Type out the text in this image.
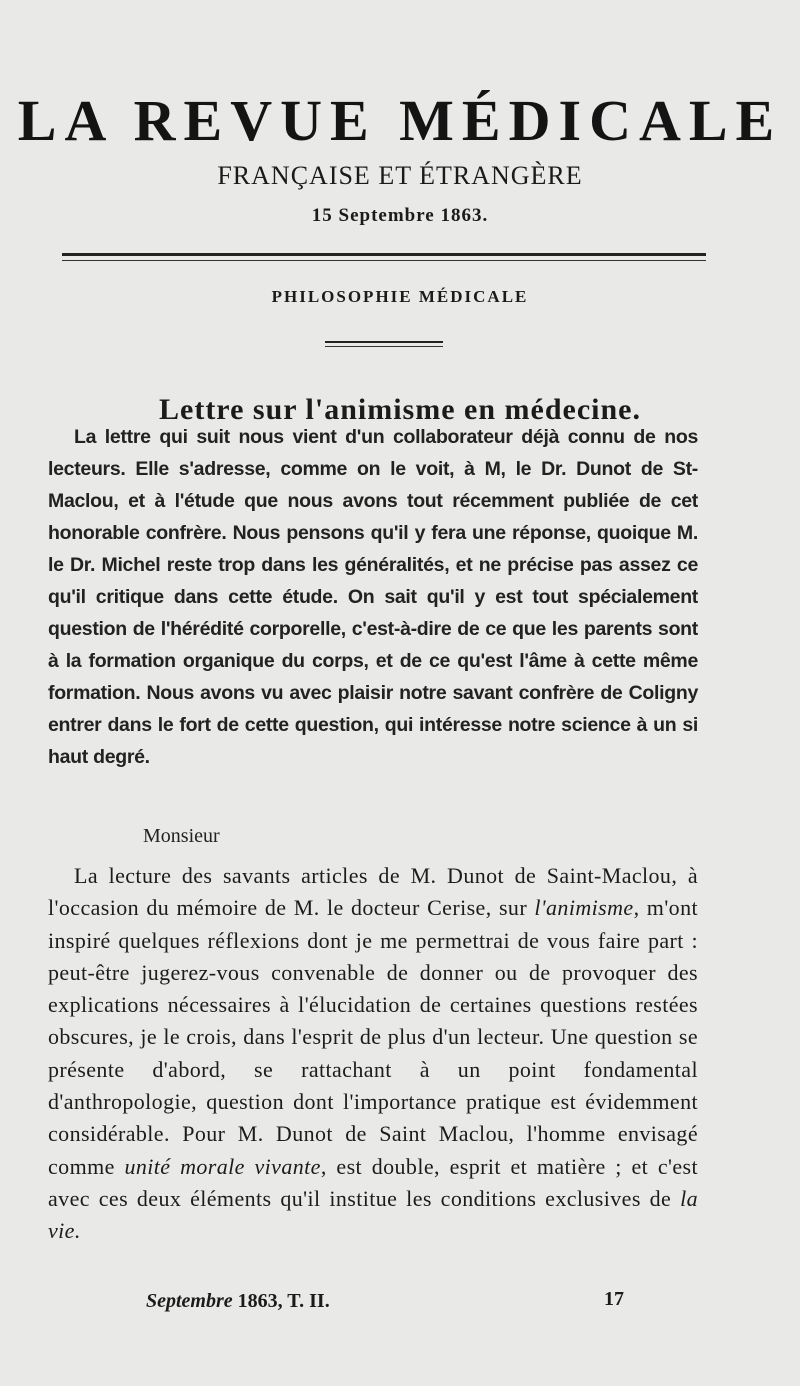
LA REVUE MÉDICALE
FRANÇAISE ET ÉTRANGÈRE
15 Septembre 1863.
PHILOSOPHIE MÉDICALE
Lettre sur l'animisme en médecine.
La lettre qui suit nous vient d'un collaborateur déjà connu de nos lecteurs. Elle s'adresse, comme on le voit, à M, le Dr. Dunot de St-Maclou, et à l'étude que nous avons tout récemment publiée de cet honorable confrère. Nous pensons qu'il y fera une réponse, quoique M. le Dr. Michel reste trop dans les généralités, et ne précise pas assez ce qu'il critique dans cette étude. On sait qu'il y est tout spécialement question de l'hérédité corporelle, c'est-à-dire de ce que les parents sont à la formation organique du corps, et de ce qu'est l'âme à cette même formation. Nous avons vu avec plaisir notre savant confrère de Coligny entrer dans le fort de cette question, qui intéresse notre science à un si haut degré.
Monsieur
La lecture des savants articles de M. Dunot de Saint-Maclou, à l'occasion du mémoire de M. le docteur Cerise, sur l'animisme, m'ont inspiré quelques réflexions dont je me permettrai de vous faire part : peut-être jugerez-vous convenable de donner ou de provoquer des explications nécessaires à l'élucidation de certaines questions restées obscures, je le crois, dans l'esprit de plus d'un lecteur. Une question se présente d'abord, se rattachant à un point fondamental d'anthropologie, question dont l'importance pratique est évidemment considérable. Pour M. Dunot de Saint Maclou, l'homme envisagé comme unité morale vivante, est double, esprit et matière ; et c'est avec ces deux éléments qu'il institue les conditions exclusives de la vie.
Septembre 1863, T. II.	17
